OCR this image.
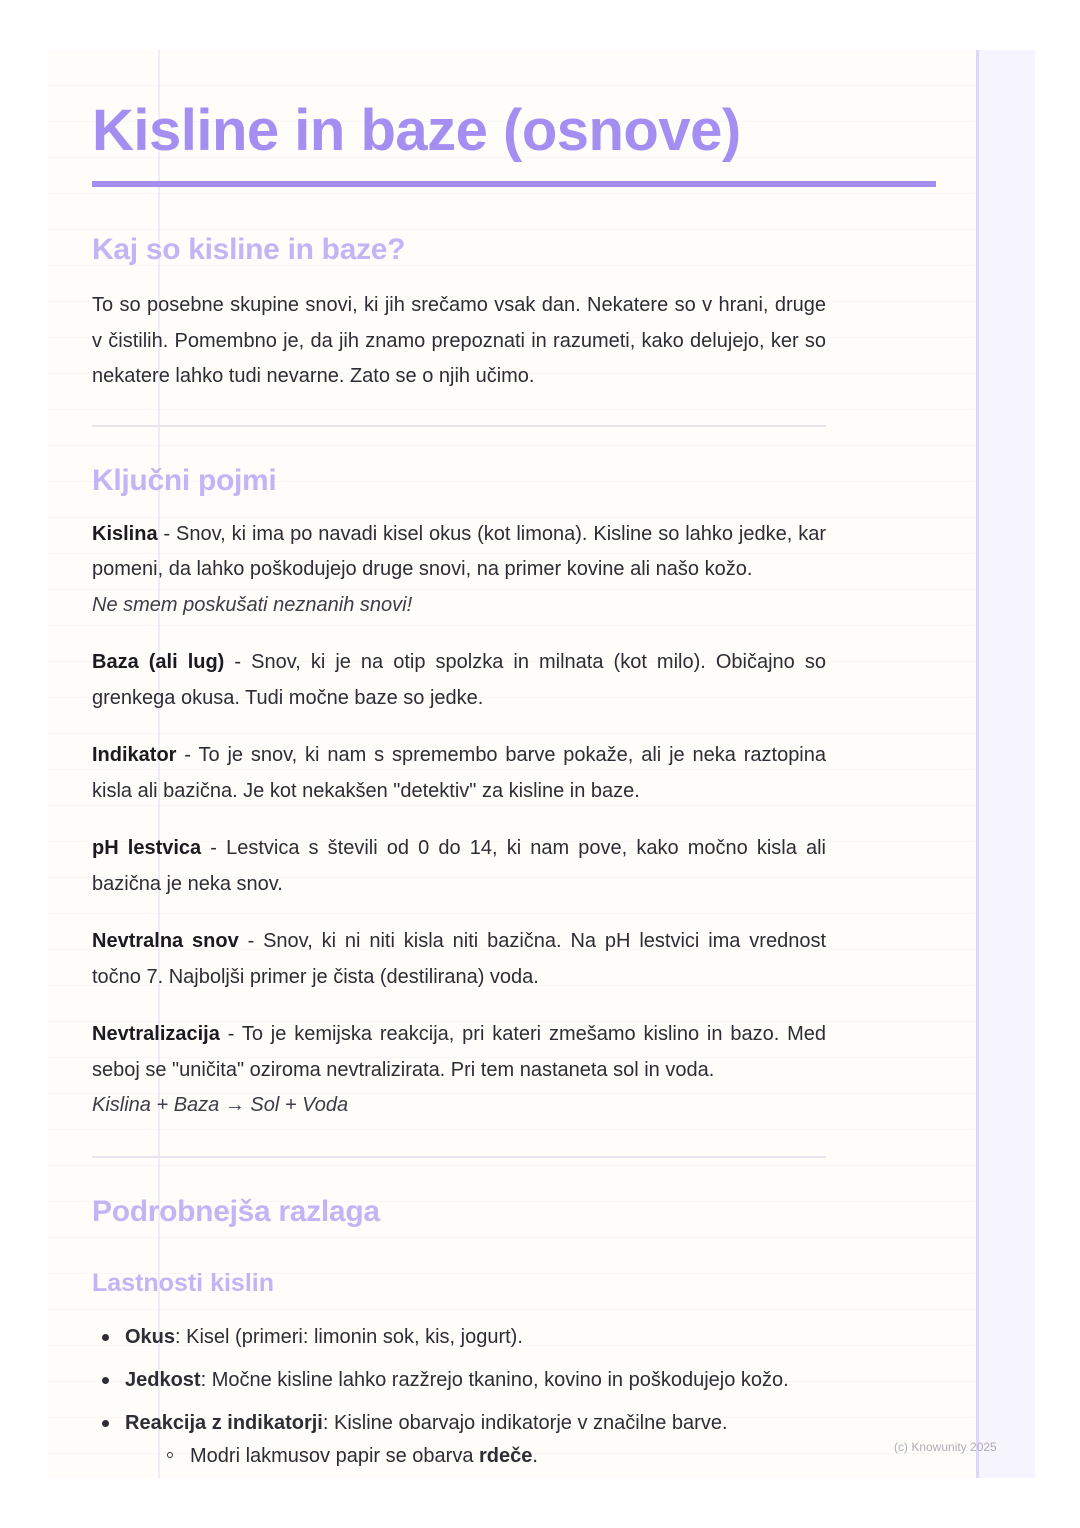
Kisline in baze (osnove)
Kaj so kisline in baze?

To so posebne skupine snovi, ki jih srečamo vsak dan. Nekatere so v hrani, druge v čistilih. Pomembno je, da jih znamo prepoznati in razumeti, kako delujejo, ker so nekatere lahko tudi nevarne. Zato se o njih učimo.

Ključni pojmi

Kislina - Snov, ki ima po navadi kisel okus (kot limona). Kisline so lahko jedke, kar pomeni, da lahko poškodujejo druge snovi, na primer kovine ali našo kožo.
Ne smem poskušati neznanih snovi!

Baza (ali lug) - Snov, ki je na otip spolzka in milnata (kot milo). Običajno so grenkega okusa. Tudi močne baze so jedke.

Indikator - To je snov, ki nam s spremembo barve pokaže, ali je neka raztopina kisla ali bazična. Je kot nekakšen "detektiv" za kisline in baze.

pH lestvica - Lestvica s števili od 0 do 14, ki nam pove, kako močno kisla ali bazična je neka snov.

Nevtralna snov - Snov, ki ni niti kisla niti bazična. Na pH lestvici ima vrednost točno 7. Najboljši primer je čista (destilirana) voda.

Nevtralizacija - To je kemijska reakcija, pri kateri zmešamo kislino in bazo. Med seboj se "uničita" oziroma nevtralizirata. Pri tem nastaneta sol in voda.
Kislina + Baza → Sol + Voda

Podrobnejša razlaga
Lastnosti kislin
Okus: Kisel (primeri: limonin sok, kis, jogurt).
Jedkost: Močne kisline lahko razžrejo tkanino, kovino in poškodujejo kožo.
Reakcija z indikatorji: Kisline obarvajo indikatorje v značilne barve.
Modri lakmusov papir se obarva rdeče.	(c) Knowunity 2025
